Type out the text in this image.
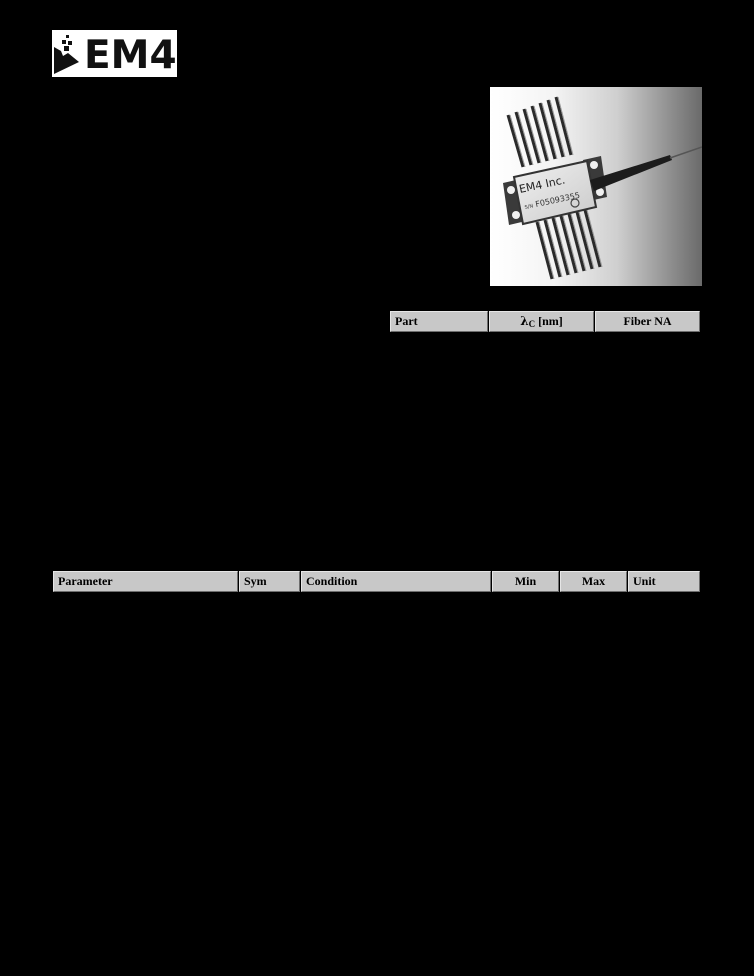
EM4
EM4 Inc.
S/N F05093355
Part	$\lambda_C$ [nm]	Fiber NA
Parameter	Sym	Condition	Min	Max	Unit
